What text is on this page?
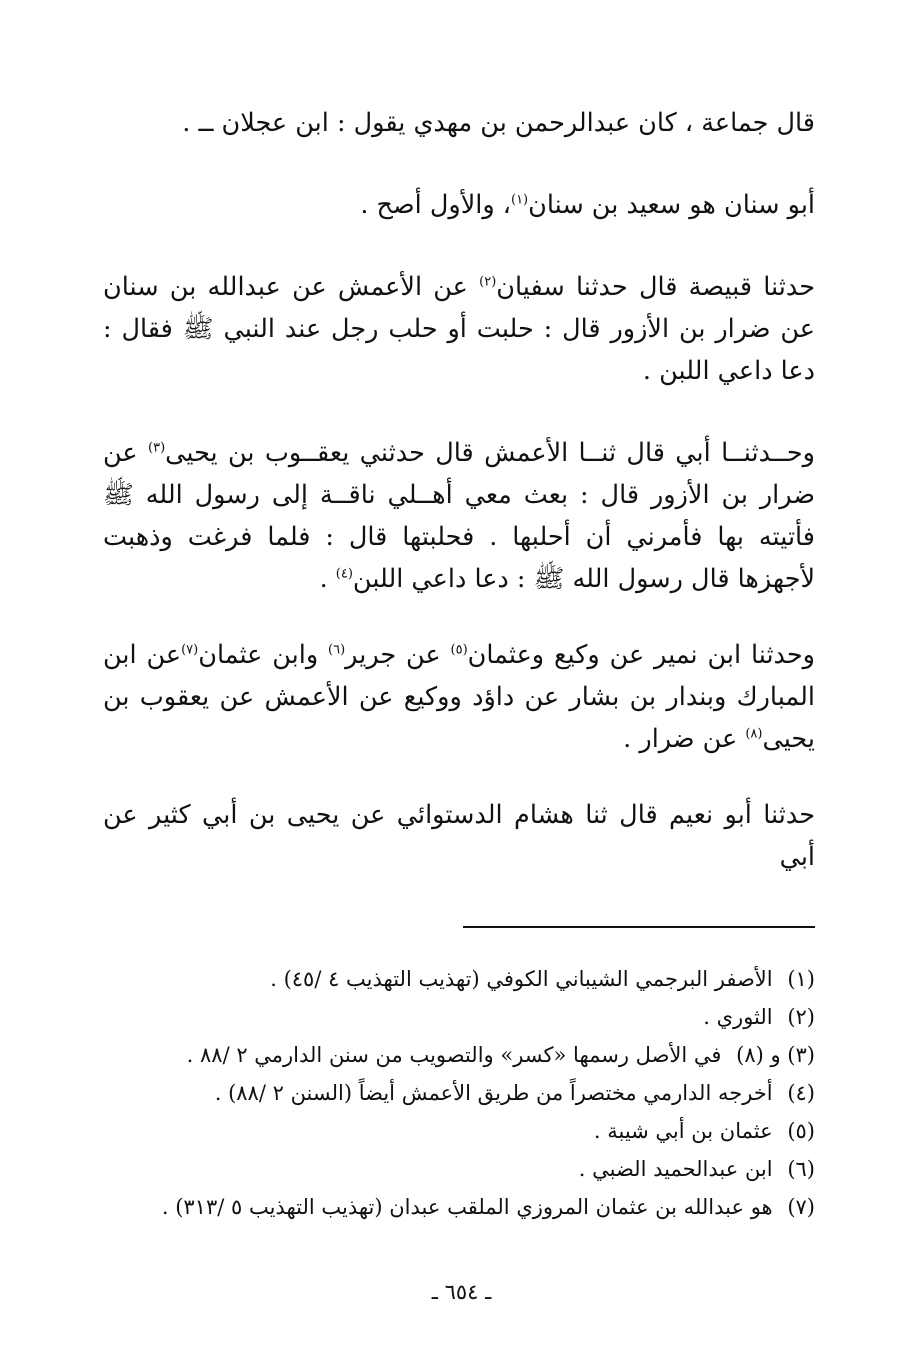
قال جماعة ، كان عبدالرحمن بن مهدي يقول : ابن عجلان ــ .

أبو سنان هو سعيد بن سنان$^{(١)}$، والأول أصح .

حدثنا قبيصة قال حدثنا سفيان$^{(٢)}$ عن الأعمش عن عبدالله بن سنان عن ضرار بن الأزور قال : حلبت أو حلب رجل عند النبي ﷺ فقال : دعا داعي اللبن .

وحــدثنــا أبي قال ثنــا الأعمش قال حدثني يعقــوب بن يحيى$^{(٣)}$ عن ضرار بن الأزور قال : بعث معي أهــلي ناقــة إلى رسول الله ﷺ فأتيته بها فأمرني أن أحلبها . فحلبتها قال : فلما فرغت وذهبت لأجهزها قال رسول الله ﷺ : دعا داعي اللبن$^{(٤)}$ .

وحدثنا ابن نمير عن وكيع وعثمان$^{(٥)}$ عن جرير$^{(٦)}$ وابن عثمان$^{(٧)}$عن ابن المبارك وبندار بن بشار عن داؤد ووكيع عن الأعمش عن يعقوب بن يحيى$^{(٨)}$ عن ضرار .

حدثنا أبو نعيم قال ثنا هشام الدستوائي عن يحيى بن أبي كثير عن أبي

(١) الأصفر البرجمي الشيباني الكوفي (تهذيب التهذيب ٤ /٤٥) .
(٢) الثوري .
(٣) و (٨) في الأصل رسمها «كسر» والتصويب من سنن الدارمي ٢ /٨٨ .
(٤) أخرجه الدارمي مختصراً من طريق الأعمش أيضاً (السنن ٢ /٨٨) .
(٥) عثمان بن أبي شيبة .
(٦) ابن عبدالحميد الضبي .
(٧) هو عبدالله بن عثمان المروزي الملقب عبدان (تهذيب التهذيب ٥ /٣١٣) .
ـ ٦٥٤ ـ
